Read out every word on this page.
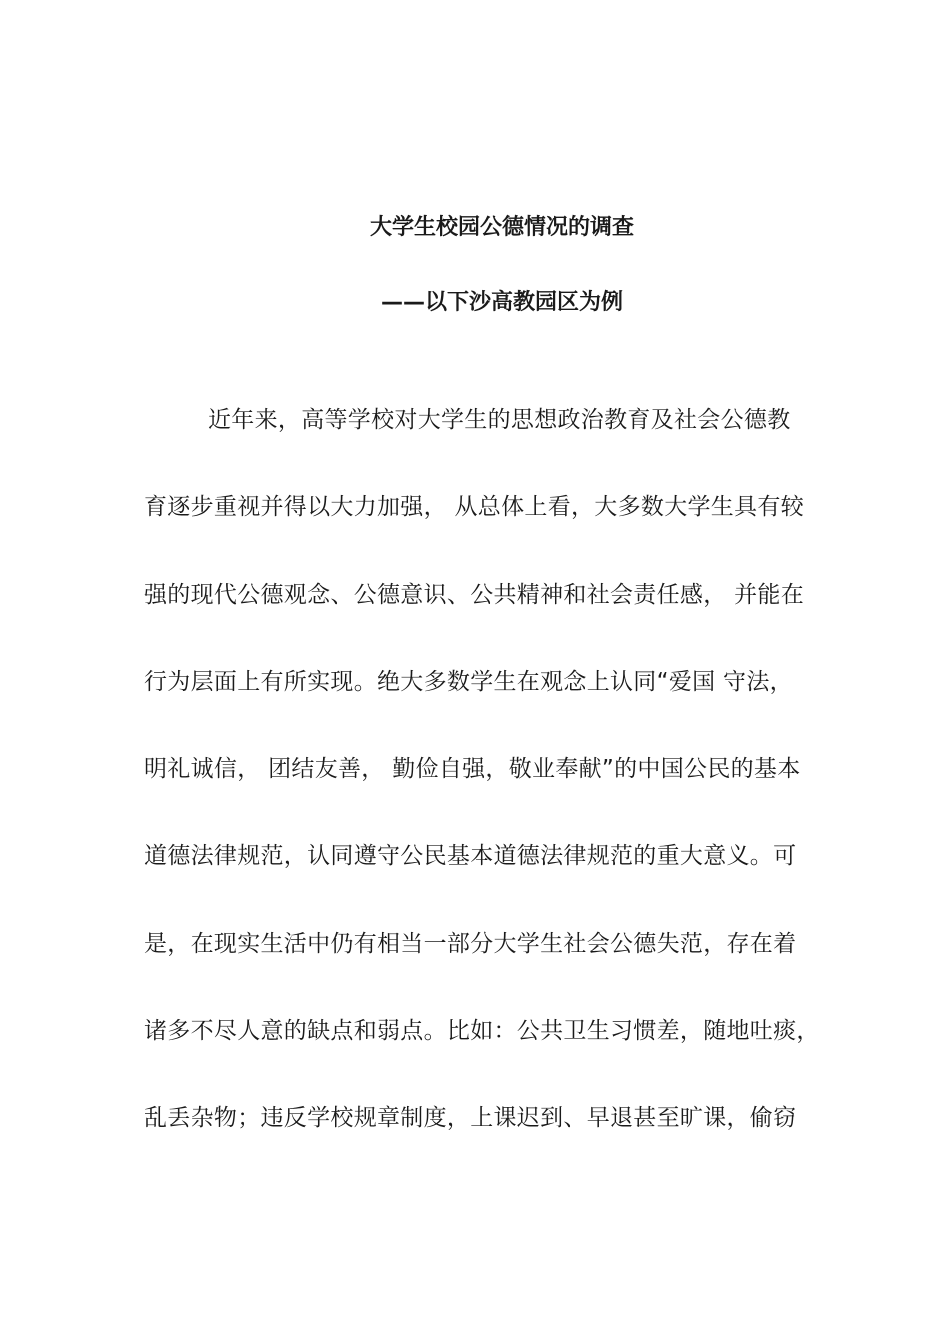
大学生校园公德情况的调查
——以下沙高教园区为例
近年来，高等学校对大学生的思想政治教育及社会公德教
育逐步重视并得以大力加强， 从总体上看，大多数大学生具有较
强的现代公德观念、公德意识、公共精神和社会责任感， 并能在
行为层面上有所实现。绝大多数学生在观念上认同“爱国 守法，
明礼诚信， 团结友善， 勤俭自强，敬业奉献”的中国公民的基本
道德法律规范，认同遵守公民基本道德法律规范的重大意义。可
是，在现实生活中仍有相当一部分大学生社会公德失范，存在着
诸多不尽人意的缺点和弱点。比如：公共卫生习惯差，随地吐痰，
乱丢杂物；违反学校规章制度，上课迟到、早退甚至旷课，偷窃
